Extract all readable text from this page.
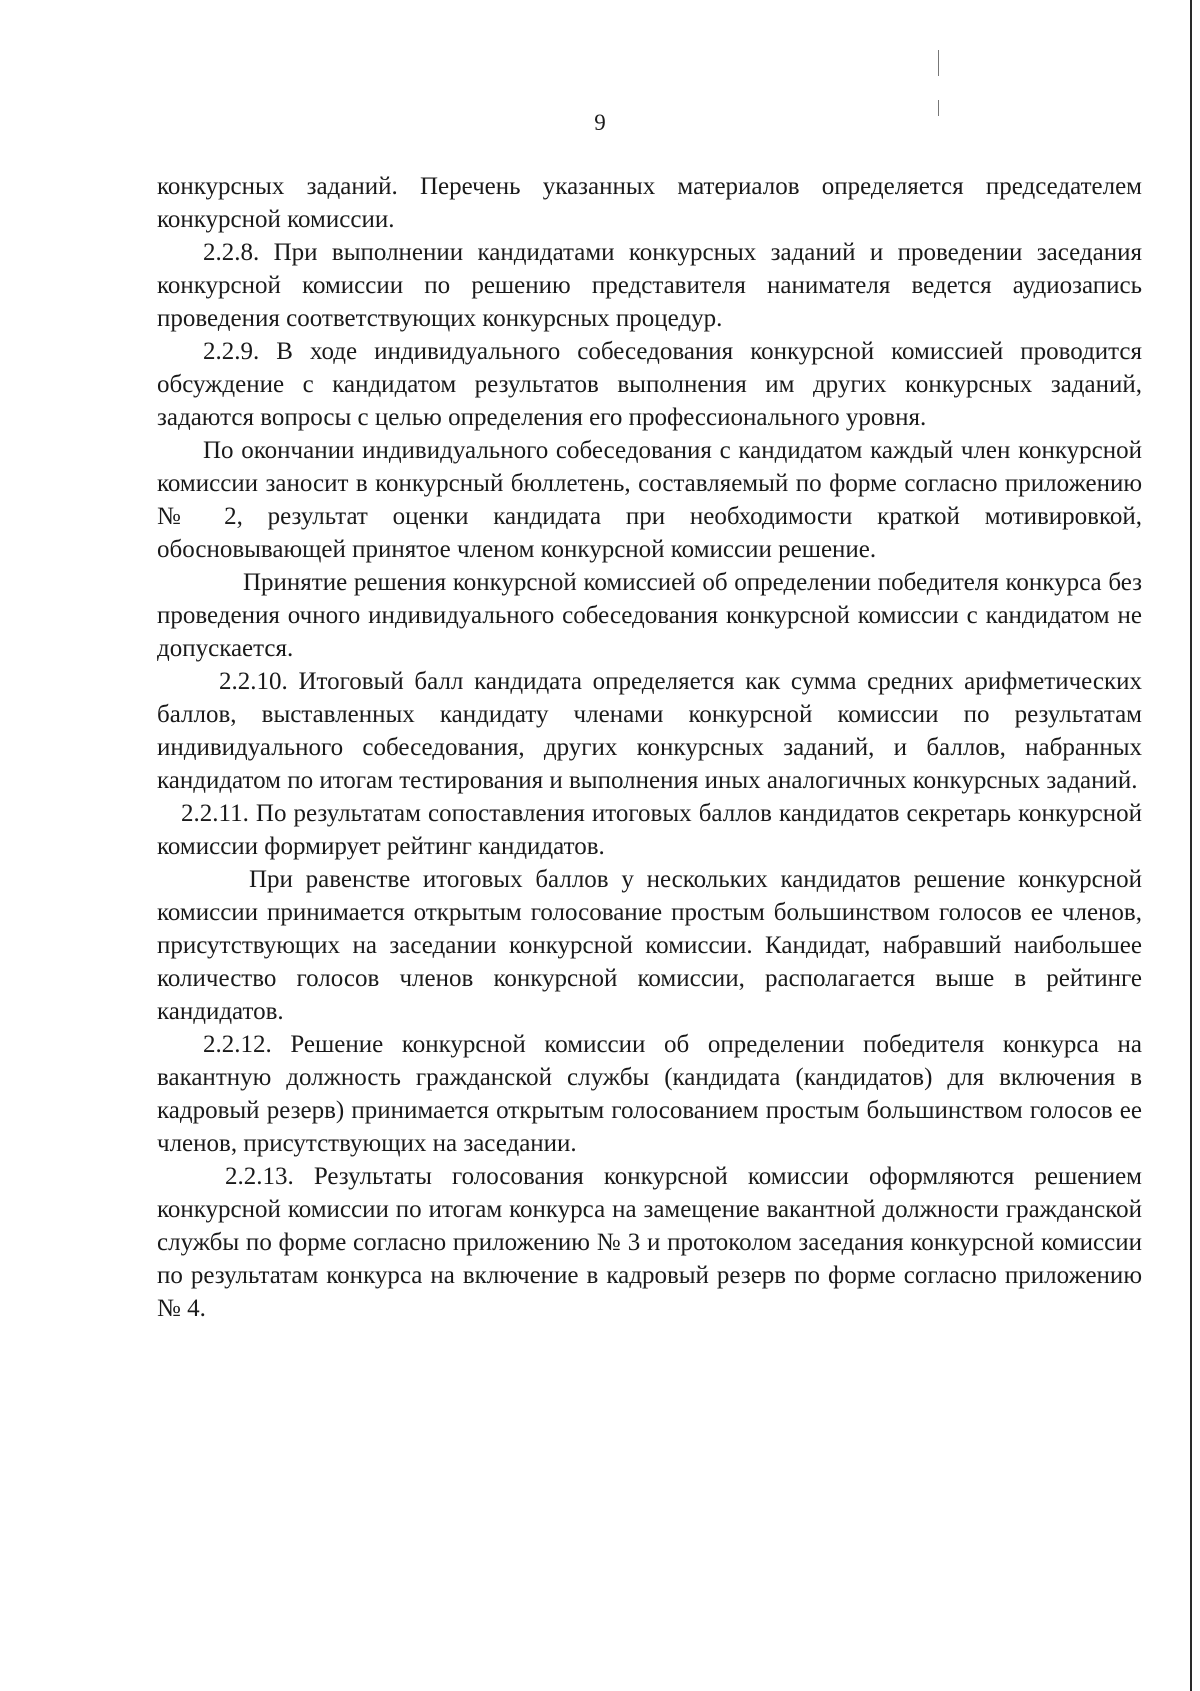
9

конкурсных заданий. Перечень указанных материалов определяется председателем конкурсной комиссии.

2.2.8. При выполнении кандидатами конкурсных заданий и проведении заседания конкурсной комиссии по решению представителя нанимателя ведется аудиозапись проведения соответствующих конкурсных процедур.

2.2.9. В ходе индивидуального собеседования конкурсной комиссией проводится обсуждение с кандидатом результатов выполнения им других конкурсных заданий, задаются вопросы с целью определения его профессионального уровня.

По окончании индивидуального собеседования с кандидатом каждый член конкурсной комиссии заносит в конкурсный бюллетень, составляемый по форме согласно приложению № 2, результат оценки кандидата при необходимости краткой мотивировкой, обосновывающей принятое членом конкурсной комиссии решение.

Принятие решения конкурсной комиссией об определении победителя конкурса без проведения очного индивидуального собеседования конкурсной комиссии с кандидатом не допускается.

2.2.10. Итоговый балл кандидата определяется как сумма средних арифметических баллов, выставленных кандидату членами конкурсной комиссии по результатам индивидуального собеседования, других конкурсных заданий, и баллов, набранных кандидатом по итогам тестирования и выполнения иных аналогичных конкурсных заданий.

2.2.11. По результатам сопоставления итоговых баллов кандидатов секретарь конкурсной комиссии формирует рейтинг кандидатов.

При равенстве итоговых баллов у нескольких кандидатов решение конкурсной комиссии принимается открытым голосование простым большинством голосов ее членов, присутствующих на заседании конкурсной комиссии. Кандидат, набравший наибольшее количество голосов членов конкурсной комиссии, располагается выше в рейтинге кандидатов.

2.2.12. Решение конкурсной комиссии об определении победителя конкурса на вакантную должность гражданской службы (кандидата (кандидатов) для включения в кадровый резерв) принимается открытым голосованием простым большинством голосов ее членов, присутствующих на заседании.

2.2.13. Результаты голосования конкурсной комиссии оформляются решением конкурсной комиссии по итогам конкурса на замещение вакантной должности гражданской службы по форме согласно приложению № 3 и протоколом заседания конкурсной комиссии по результатам конкурса на включение в кадровый резерв по форме согласно приложению № 4.
